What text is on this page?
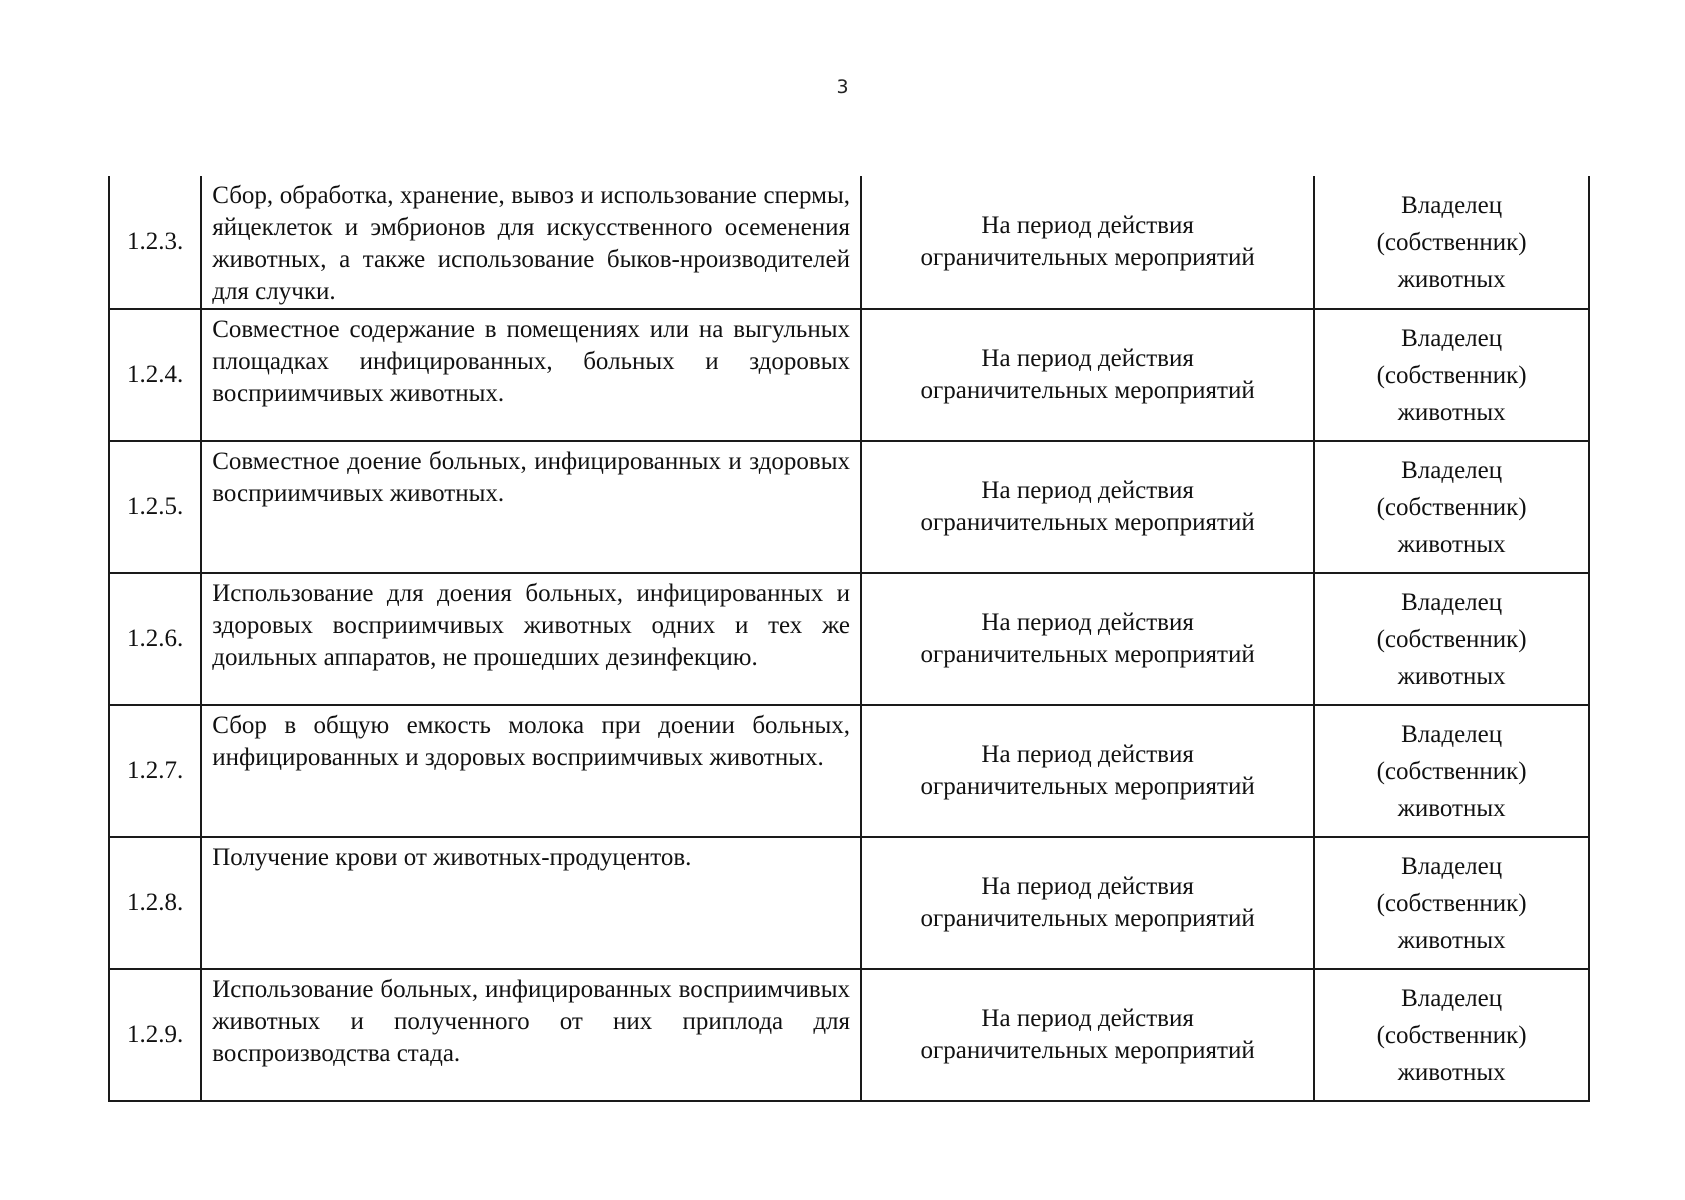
3
1.2.3.	Сбор, обработка, хранение, вывоз и использование спермы, яйцеклеток и эмбрионов для искусственного осеменения животных, а также использование быков-нроизводителей для случки.	На период действия
ограничительных мероприятий	Владелец
(собственник)
животных

1.2.4.	Совместное содержание в помещениях или на выгульных площадках инфицированных, больных и здоровых восприимчивых животных.	На период действия
ограничительных мероприятий	Владелец
(собственник)
животных

1.2.5.	Совместное доение больных, инфицированных и здоровых восприимчивых животных.	На период действия
ограничительных мероприятий	Владелец
(собственник)
животных

1.2.6.	Использование для доения больных, инфицированных и здоровых восприимчивых животных одних и тех же доильных аппаратов, не прошедших дезинфекцию.	На период действия
ограничительных мероприятий	Владелец
(собственник)
животных

1.2.7.	Сбор в общую емкость молока при доении больных, инфицированных и здоровых восприимчивых животных.	На период действия
ограничительных мероприятий	Владелец
(собственник)
животных

1.2.8.	Получение крови от животных-продуцентов.	На период действия
ограничительных мероприятий	Владелец
(собственник)
животных

1.2.9.	Использование больных, инфицированных восприимчивых животных и полученного от них приплода для воспроизводства стада.	На период действия
ограничительных мероприятий	Владелец
(собственник)
животных
